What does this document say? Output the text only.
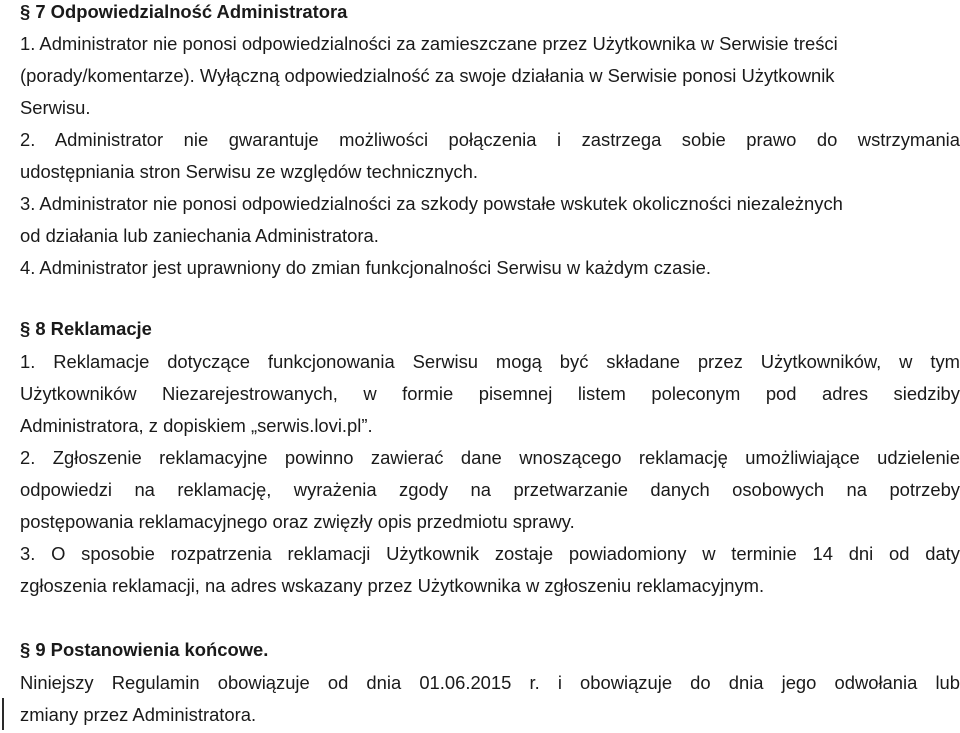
§ 7 Odpowiedzialność Administratora
1. Administrator nie ponosi odpowiedzialności za zamieszczane przez Użytkownika w Serwisie treści
(porady/komentarze). Wyłączną odpowiedzialność za swoje działania w Serwisie ponosi Użytkownik
Serwisu.
2. Administrator nie gwarantuje możliwości połączenia i zastrzega sobie prawo do wstrzymania
udostępniania stron Serwisu ze względów technicznych.
3. Administrator nie ponosi odpowiedzialności za szkody powstałe wskutek okoliczności niezależnych
od działania lub zaniechania Administratora.
4. Administrator jest uprawniony do zmian funkcjonalności Serwisu w każdym czasie.
§ 8 Reklamacje
1. Reklamacje dotyczące funkcjonowania Serwisu mogą być składane przez Użytkowników, w tym
Użytkowników Niezarejestrowanych, w formie pisemnej listem poleconym pod adres siedziby
Administratora, z dopiskiem „serwis.lovi.pl”.
2. Zgłoszenie reklamacyjne powinno zawierać dane wnoszącego reklamację umożliwiające udzielenie
odpowiedzi na reklamację, wyrażenia zgody na przetwarzanie danych osobowych na potrzeby
postępowania reklamacyjnego oraz zwięzły opis przedmiotu sprawy.
3. O sposobie rozpatrzenia reklamacji Użytkownik zostaje powiadomiony w terminie 14 dni od daty
zgłoszenia reklamacji, na adres wskazany przez Użytkownika w zgłoszeniu reklamacyjnym.
§ 9 Postanowienia końcowe.
Niniejszy Regulamin obowiązuje od dnia 01.06.2015 r. i obowiązuje do dnia jego odwołania lub
zmiany przez Administratora.
